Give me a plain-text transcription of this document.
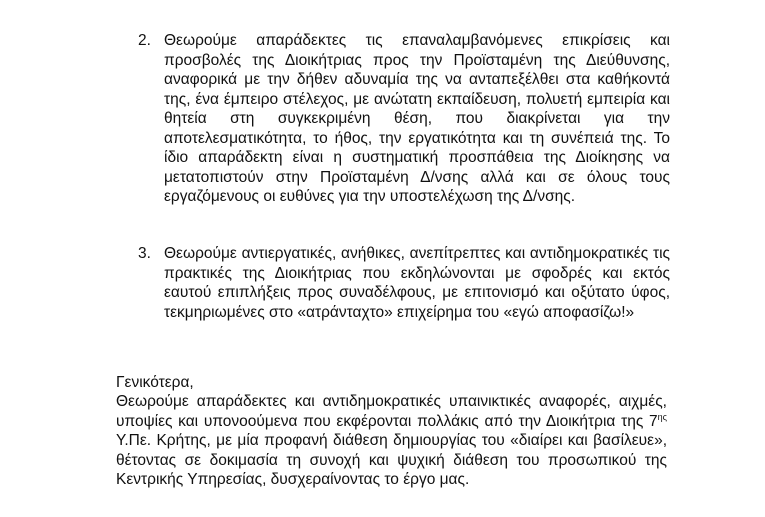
2. Θεωρούμε απαράδεκτες τις επαναλαμβανόμενες επικρίσεις και προσβολές της Διοικήτριας προς την Προϊσταμένη της Διεύθυνσης, αναφορικά με την δήθεν αδυναμία της να ανταπεξέλθει στα καθήκοντά της, ένα έμπειρο στέλεχος, με ανώτατη εκπαίδευση, πολυετή εμπειρία και θητεία στη συγκεκριμένη θέση, που διακρίνεται για την αποτελεσματικότητα, το ήθος, την εργατικότητα και τη συνέπειά της. Το ίδιο απαράδεκτη είναι η συστηματική προσπάθεια της Διοίκησης να μετατοπιστούν στην Προϊσταμένη Δ/νσης αλλά και σε όλους τους εργαζόμενους οι ευθύνες για την υποστελέχωση της Δ/νσης.
3. Θεωρούμε αντιεργατικές, ανήθικες, ανεπίτρεπτες και αντιδημοκρατικές τις πρακτικές της Διοικήτριας που εκδηλώνονται με σφοδρές και εκτός εαυτού επιπλήξεις προς συναδέλφους, με επιτονισμό και οξύτατο ύφος, τεκμηριωμένες στο «ατράνταχτο» επιχείρημα του «εγώ αποφασίζω!»
Γενικότερα,
Θεωρούμε απαράδεκτες και αντιδημοκρατικές υπαινικτικές αναφορές, αιχμές, υποψίες και υπονοούμενα που εκφέρονται πολλάκις από την Διοικήτρια της $7^{\eta\varsigma}$ Υ.Πε. Κρήτης, με μία προφανή διάθεση δημιουργίας του «διαίρει και βασίλευε», θέτοντας σε δοκιμασία τη συνοχή και ψυχική διάθεση του προσωπικού της Κεντρικής Υπηρεσίας, δυσχεραίνοντας το έργο μας.
